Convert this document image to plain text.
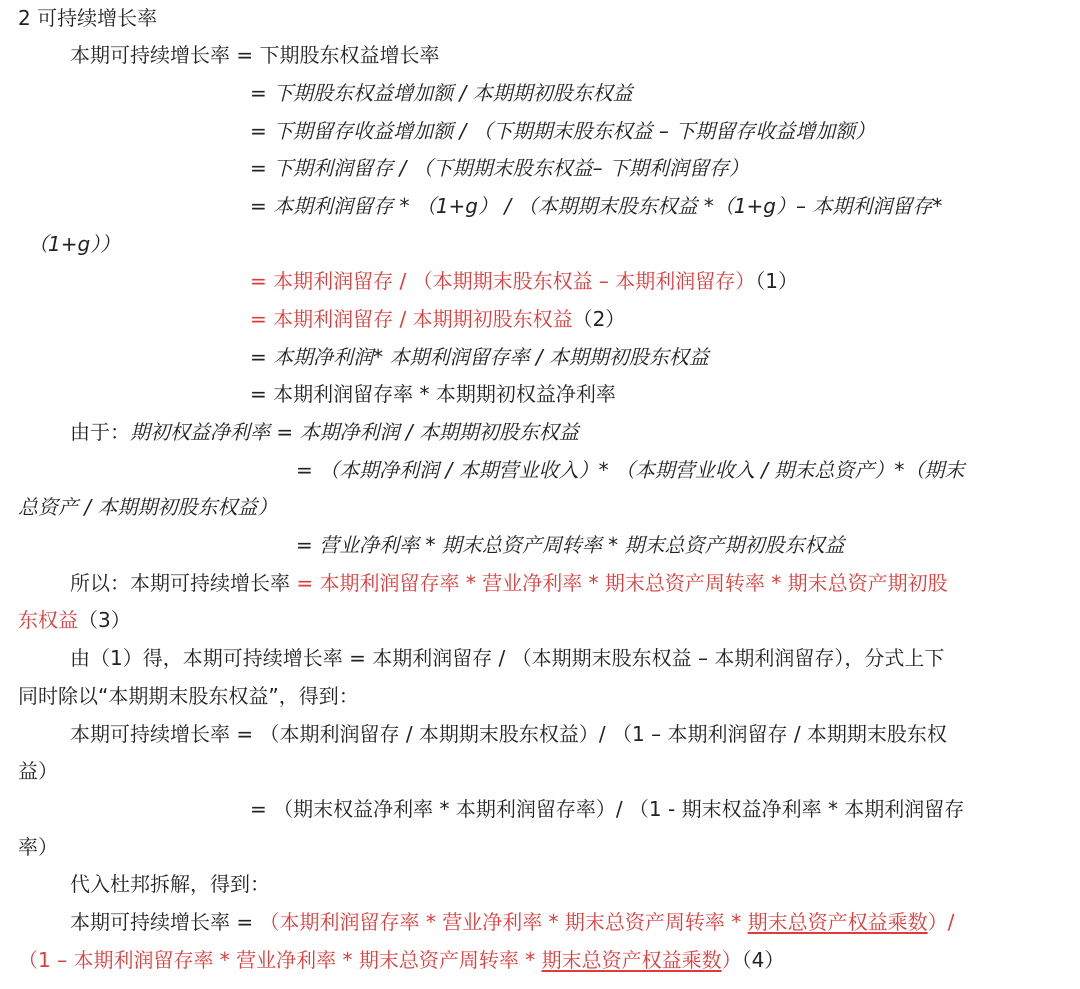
2 可持续增长率
本期可持续增长率 = 下期股东权益增长率
= 下期股东权益增加额 / 本期期初股东权益
= 下期留存收益增加额 / （下期期末股东权益 – 下期留存收益增加额）
= 下期利润留存 / （下期期末股东权益– 下期利润留存）
= 本期利润留存 * （1+g） / （本期期末股东权益 *（1+g）– 本期利润留存*
（1+g））
= 本期利润留存 / （本期期末股东权益 – 本期利润留存）（1）
= 本期利润留存 / 本期期初股东权益（2）
= 本期净利润* 本期利润留存率 / 本期期初股东权益
= 本期利润留存率 * 本期期初权益净利率
由于：期初权益净利率 = 本期净利润 / 本期期初股东权益
= （本期净利润 / 本期营业收入）* （本期营业收入 / 期末总资产）*（期末
总资产 / 本期期初股东权益）
= 营业净利率 * 期末总资产周转率 * 期末总资产期初股东权益
所以：本期可持续增长率 = 本期利润留存率 * 营业净利率 * 期末总资产周转率 * 期末总资产期初股
东权益（3）
由（1）得，本期可持续增长率 = 本期利润留存 / （本期期末股东权益 – 本期利润留存），分式上下
同时除以“本期期末股东权益”，得到：
本期可持续增长率 = （本期利润留存 / 本期期末股东权益）/ （1 – 本期利润留存 / 本期期末股东权
益）
= （期末权益净利率 * 本期利润留存率）/ （1 - 期末权益净利率 * 本期利润留存
率）
代入杜邦拆解，得到：
本期可持续增长率 = （本期利润留存率 * 营业净利率 * 期末总资产周转率 * 期末总资产权益乘数）/
（1 – 本期利润留存率 * 营业净利率 * 期末总资产周转率 * 期末总资产权益乘数）（4）
